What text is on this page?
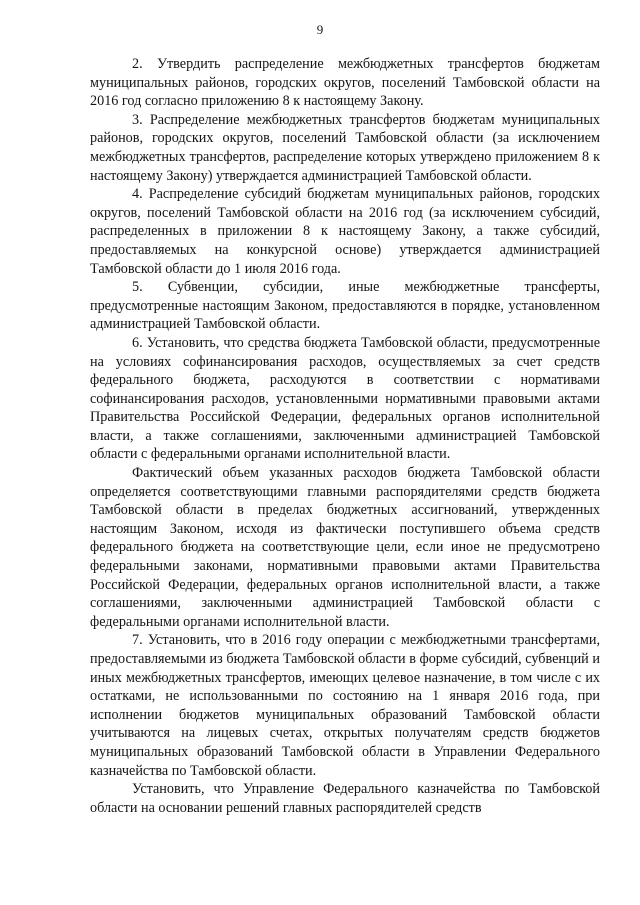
9

2. Утвердить распределение межбюджетных трансфертов бюджетам муниципальных районов, городских округов, поселений Тамбовской области на 2016 год согласно приложению 8 к настоящему Закону.

3. Распределение межбюджетных трансфертов бюджетам муниципальных районов, городских округов, поселений Тамбовской области (за исключением межбюджетных трансфертов, распределение которых утверждено приложением 8 к настоящему Закону) утверждается администрацией Тамбовской области.

4. Распределение субсидий бюджетам муниципальных районов, городских округов, поселений Тамбовской области на 2016 год (за исключением субсидий, распределенных в приложении 8 к настоящему Закону, а также субсидий, предоставляемых на конкурсной основе) утверждается администрацией Тамбовской области до 1 июля 2016 года.

5. Субвенции, субсидии, иные межбюджетные трансферты, предусмотренные настоящим Законом, предоставляются в порядке, установленном администрацией Тамбовской области.

6. Установить, что средства бюджета Тамбовской области, предусмотренные на условиях софинансирования расходов, осуществляемых за счет средств федерального бюджета, расходуются в соответствии с нормативами софинансирования расходов, установленными нормативными правовыми актами Правительства Российской Федерации, федеральных органов исполнительной власти, а также соглашениями, заключенными администрацией Тамбовской области с федеральными органами исполнительной власти.

Фактический объем указанных расходов бюджета Тамбовской области определяется соответствующими главными распорядителями средств бюджета Тамбовской области в пределах бюджетных ассигнований, утвержденных настоящим Законом, исходя из фактически поступившего объема средств федерального бюджета на соответствующие цели, если иное не предусмотрено федеральными законами, нормативными правовыми актами Правительства Российской Федерации, федеральных органов исполнительной власти, а также соглашениями, заключенными администрацией Тамбовской области с федеральными органами исполнительной власти.

7. Установить, что в 2016 году операции с межбюджетными трансфертами, предоставляемыми из бюджета Тамбовской области в форме субсидий, субвенций и иных межбюджетных трансфертов, имеющих целевое назначение, в том числе с их остатками, не использованными по состоянию на 1 января 2016 года, при исполнении бюджетов муниципальных образований Тамбовской области учитываются на лицевых счетах, открытых получателям средств бюджетов муниципальных образований Тамбовской области в Управлении Федерального казначейства по Тамбовской области.

Установить, что Управление Федерального казначейства по Тамбовской области на основании решений главных распорядителей средств
